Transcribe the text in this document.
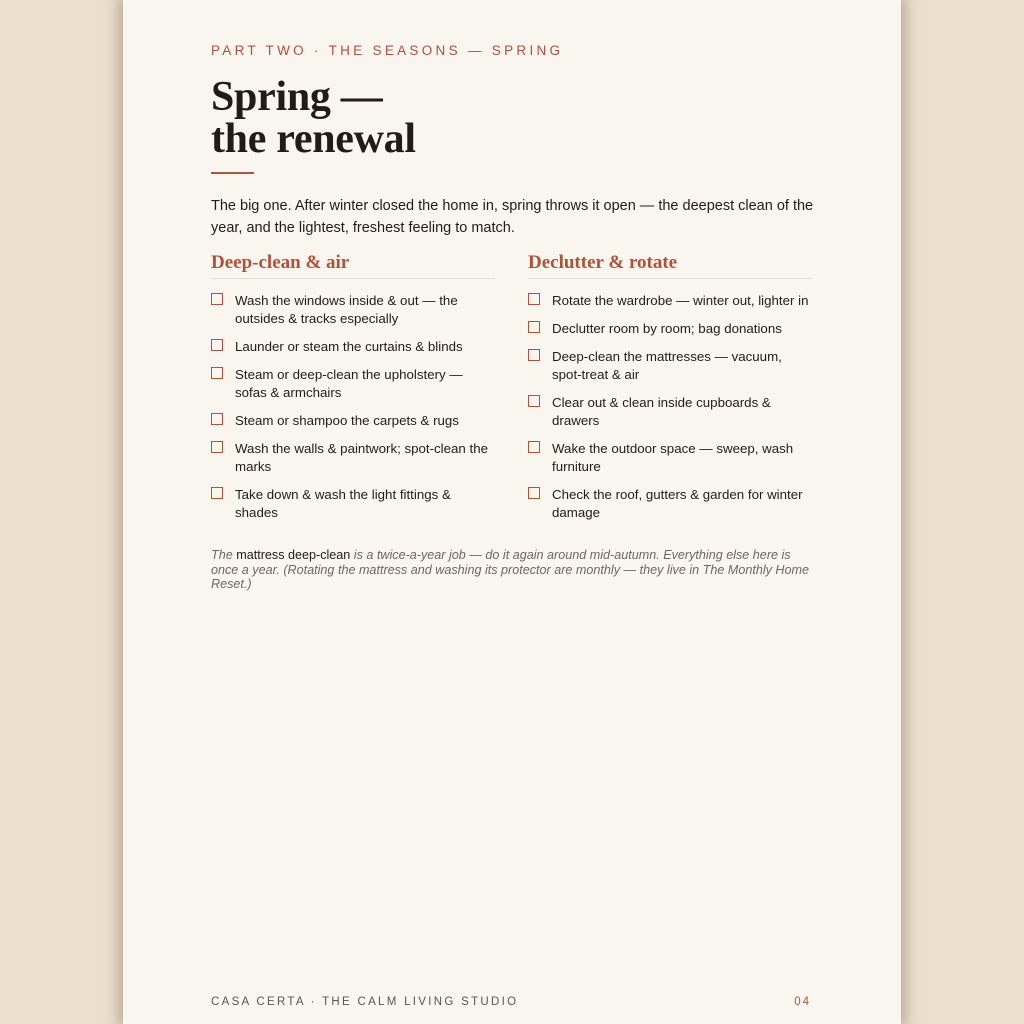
PART TWO · THE SEASONS — SPRING
Spring —
the renewal

The big one. After winter closed the home in, spring throws it open — the deepest clean of the year, and the lightest, freshest feeling to match.

Deep-clean & air
Wash the windows inside & out — the outsides & tracks especially
Launder or steam the curtains & blinds
Steam or deep-clean the upholstery — sofas & armchairs
Steam or shampoo the carpets & rugs
Wash the walls & paintwork; spot-clean the marks
Take down & wash the light fittings & shades
Declutter & rotate
Rotate the wardrobe — winter out, lighter in
Declutter room by room; bag donations
Deep-clean the mattresses — vacuum, spot-treat & air
Clear out & clean inside cupboards & drawers
Wake the outdoor space — sweep, wash furniture
Check the roof, gutters & garden for winter damage

The mattress deep-clean is a twice-a-year job — do it again around mid-autumn. Everything else here is once a year. (Rotating the mattress and washing its protector are monthly — they live in The Monthly Home Reset.)

CASA CERTA · THE CALM LIVING STUDIO	04
